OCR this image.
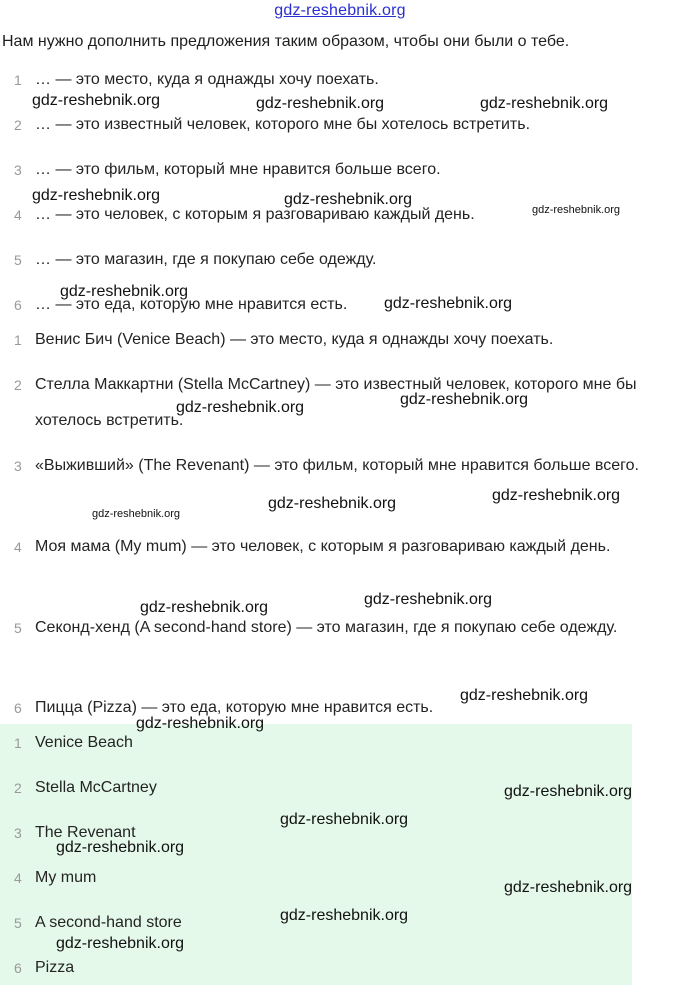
gdz-reshebnik.org
Нам нужно дополнить предложения таким образом, чтобы они были о тебе.
1 … — это место, куда я однажды хочу поехать.
2 … — это известный человек, которого мне бы хотелось встретить.
3 … — это фильм, который мне нравится больше всего.
4 … — это человек, с которым я разговариваю каждый день.
5 … — это магазин, где я покупаю себе одежду.
6 … — это еда, которую мне нравится есть.
1 Венис Бич (Venice Beach) — это место, куда я однажды хочу поехать.
2 Стелла Маккартни (Stella McCartney) — это известный человек, которого мне бы хотелось встретить.
3 «Выживший» (The Revenant) — это фильм, который мне нравится больше всего.
4 Моя мама (My mum) — это человек, с которым я разговариваю каждый день.
5 Секонд-хенд (A second-hand store) — это магазин, где я покупаю себе одежду.
6 Пицца (Pizza) — это еда, которую мне нравится есть.
1 Venice Beach
2 Stella McCartney
3 The Revenant
4 My mum
5 A second-hand store
6 Pizza
gdz-reshebnik.org	gdz-reshebnik.org	gdz-reshebnik.org
gdz-reshebnik.org	gdz-reshebnik.org
gdz-reshebnik.org
gdz-reshebnik.org
gdz-reshebnik.org
gdz-reshebnik.org
gdz-reshebnik.org
gdz-reshebnik.org
gdz-reshebnik.org
gdz-reshebnik.org
gdz-reshebnik.org
gdz-reshebnik.org
gdz-reshebnik.org
gdz-reshebnik.org
gdz-reshebnik.org
gdz-reshebnik.org
gdz-reshebnik.org
gdz-reshebnik.org
gdz-reshebnik.org
gdz-reshebnik.org
